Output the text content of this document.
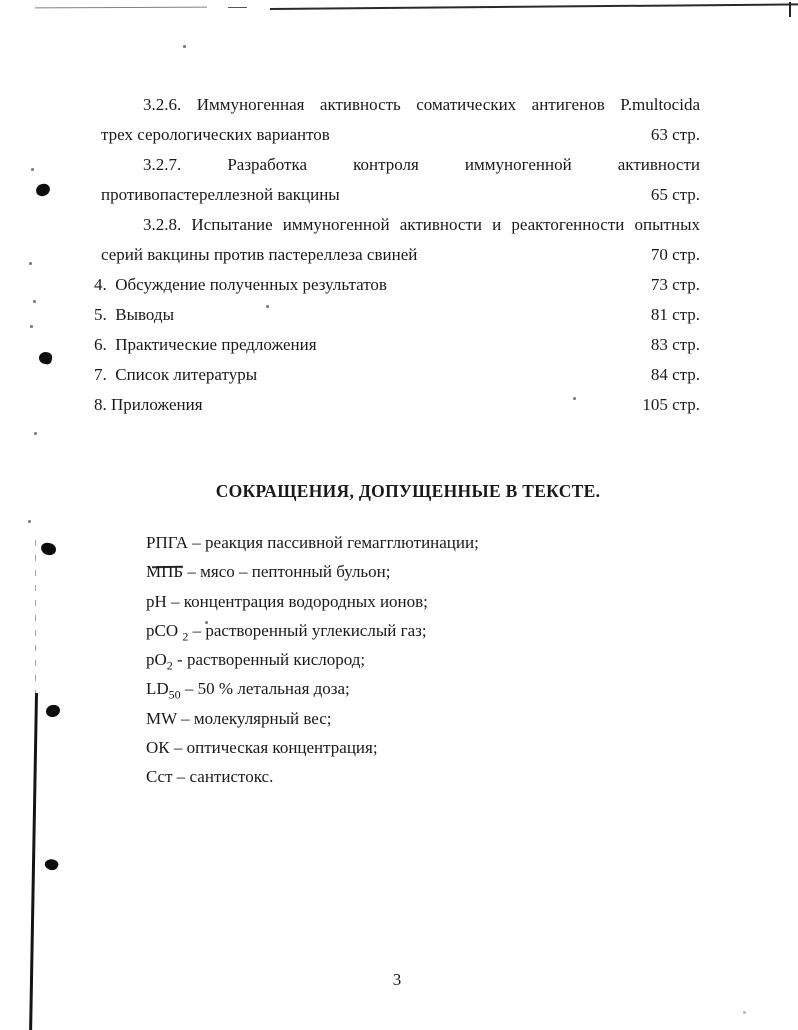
3.2.6. Иммуногенная активность соматических антигенов P.multocida
трех серологических вариантов	63 стр.
3.2.7. Разработка контроля иммуногенной активности
противопастереллезной вакцины	65 стр.
3.2.8. Испытание иммуногенной активности и реактогенности опытных
серий вакцины против пастереллеза свиней	70 стр.
4.  Обсуждение полученных результатов	73 стр.
5.  Выводы	81 стр.
6.  Практические предложения	83 стр.
7.  Список литературы	84 стр.
8. Приложения	105 стр.
СОКРАЩЕНИЯ, ДОПУЩЕННЫЕ В ТЕКСТЕ.
РПГА – реакция пассивной гемагглютинации;
МПБ – мясо – пептонный бульон;
pH – концентрация водородных ионов;
pCO $_2$ – растворенный углекислый газ;
$pO_2$ - растворенный кислород;
$LD_{50} - 50$ % летальная доза;
MW – молекулярный вес;
ОК – оптическая концентрация;
Сст – сантистокс.
3
